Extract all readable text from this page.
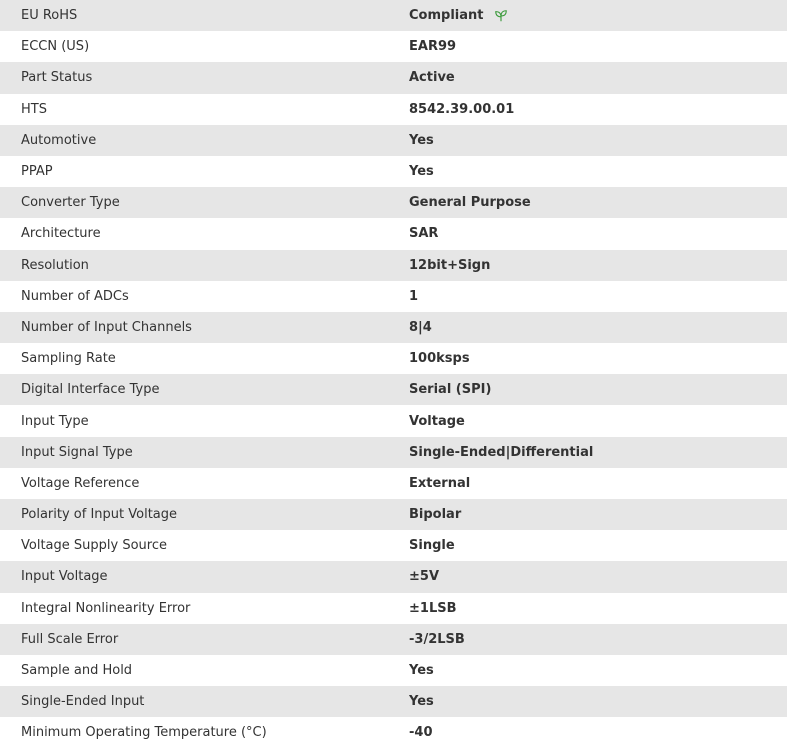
EU RoHS	Compliant
ECCN (US)	EAR99
Part Status	Active
HTS	8542.39.00.01
Automotive	Yes
PPAP	Yes
Converter Type	General Purpose
Architecture	SAR
Resolution	12bit+Sign
Number of ADCs	1
Number of Input Channels	8|4
Sampling Rate	100ksps
Digital Interface Type	Serial (SPI)
Input Type	Voltage
Input Signal Type	Single-Ended|Differential
Voltage Reference	External
Polarity of Input Voltage	Bipolar
Voltage Supply Source	Single
Input Voltage	±5V
Integral Nonlinearity Error	±1LSB
Full Scale Error	-3/2LSB
Sample and Hold	Yes
Single-Ended Input	Yes
Minimum Operating Temperature (°C)	-40
